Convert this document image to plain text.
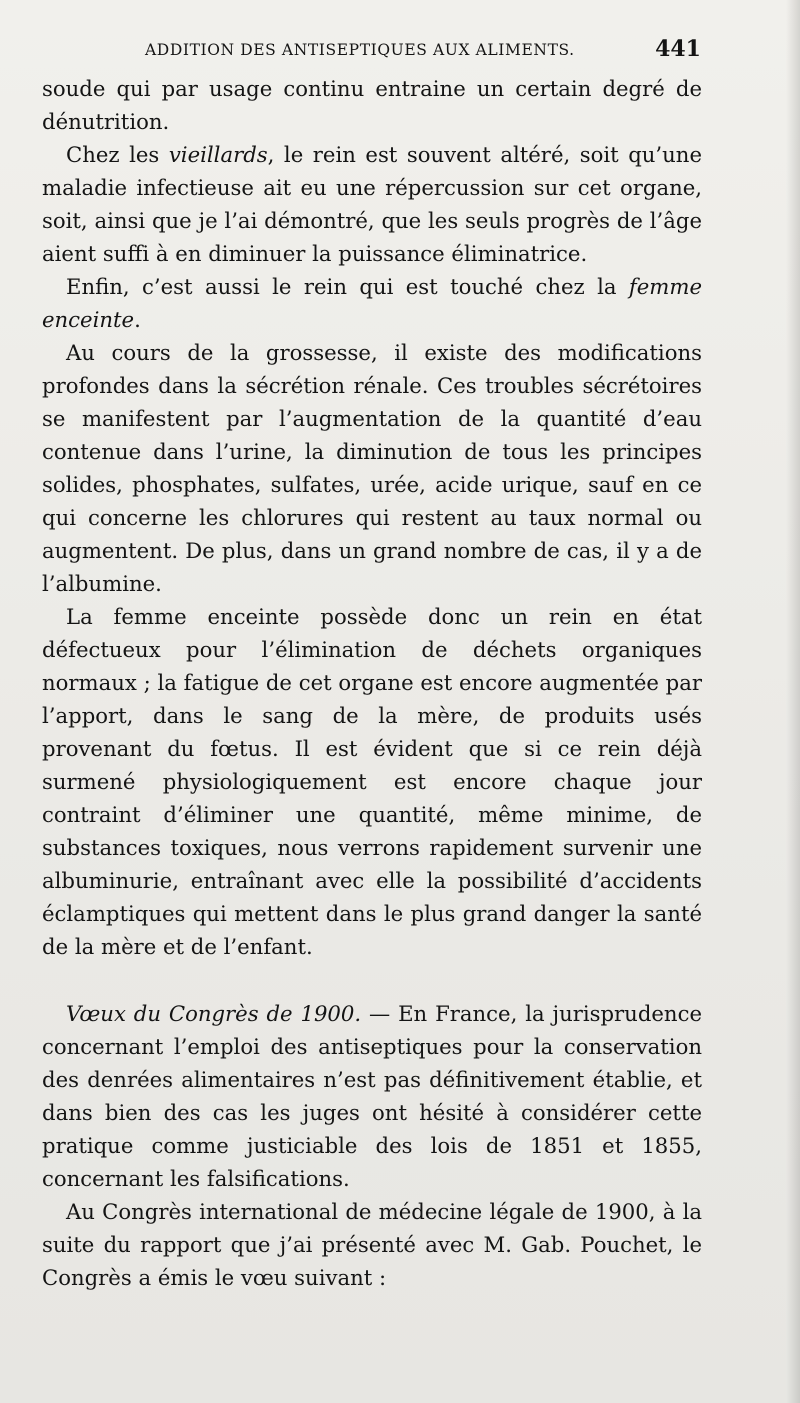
ADDITION DES ANTISEPTIQUES AUX ALIMENTS.	441

soude qui par usage continu entraine un certain degré de dénutrition.

Chez les vieillards, le rein est souvent altéré, soit qu’une maladie infectieuse ait eu une répercussion sur cet organe, soit, ainsi que je l’ai démontré, que les seuls progrès de l’âge aient suffi à en diminuer la puissance éliminatrice.

Enfin, c’est aussi le rein qui est touché chez la femme enceinte.

Au cours de la grossesse, il existe des modifications profondes dans la sécrétion rénale. Ces troubles sécrétoires se manifestent par l’augmentation de la quantité d’eau contenue dans l’urine, la diminution de tous les principes solides, phosphates, sulfates, urée, acide urique, sauf en ce qui concerne les chlorures qui restent au taux normal ou augmentent. De plus, dans un grand nombre de cas, il y a de l’albumine.

La femme enceinte possède donc un rein en état défectueux pour l’élimination de déchets organiques normaux ; la fatigue de cet organe est encore augmentée par l’apport, dans le sang de la mère, de produits usés provenant du fœtus. Il est évident que si ce rein déjà surmené physiologiquement est encore chaque jour contraint d’éliminer une quantité, même minime, de substances toxiques, nous verrons rapidement survenir une albuminurie, entraînant avec elle la possibilité d’accidents éclamptiques qui mettent dans le plus grand danger la santé de la mère et de l’enfant.

Vœux du Congrès de 1900. — En France, la jurisprudence concernant l’emploi des antiseptiques pour la conservation des denrées alimentaires n’est pas définitivement établie, et dans bien des cas les juges ont hésité à considérer cette pratique comme justiciable des lois de 1851 et 1855, concernant les falsifications.

Au Congrès international de médecine légale de 1900, à la suite du rapport que j’ai présenté avec M. Gab. Pouchet, le Congrès a émis le vœu suivant :
